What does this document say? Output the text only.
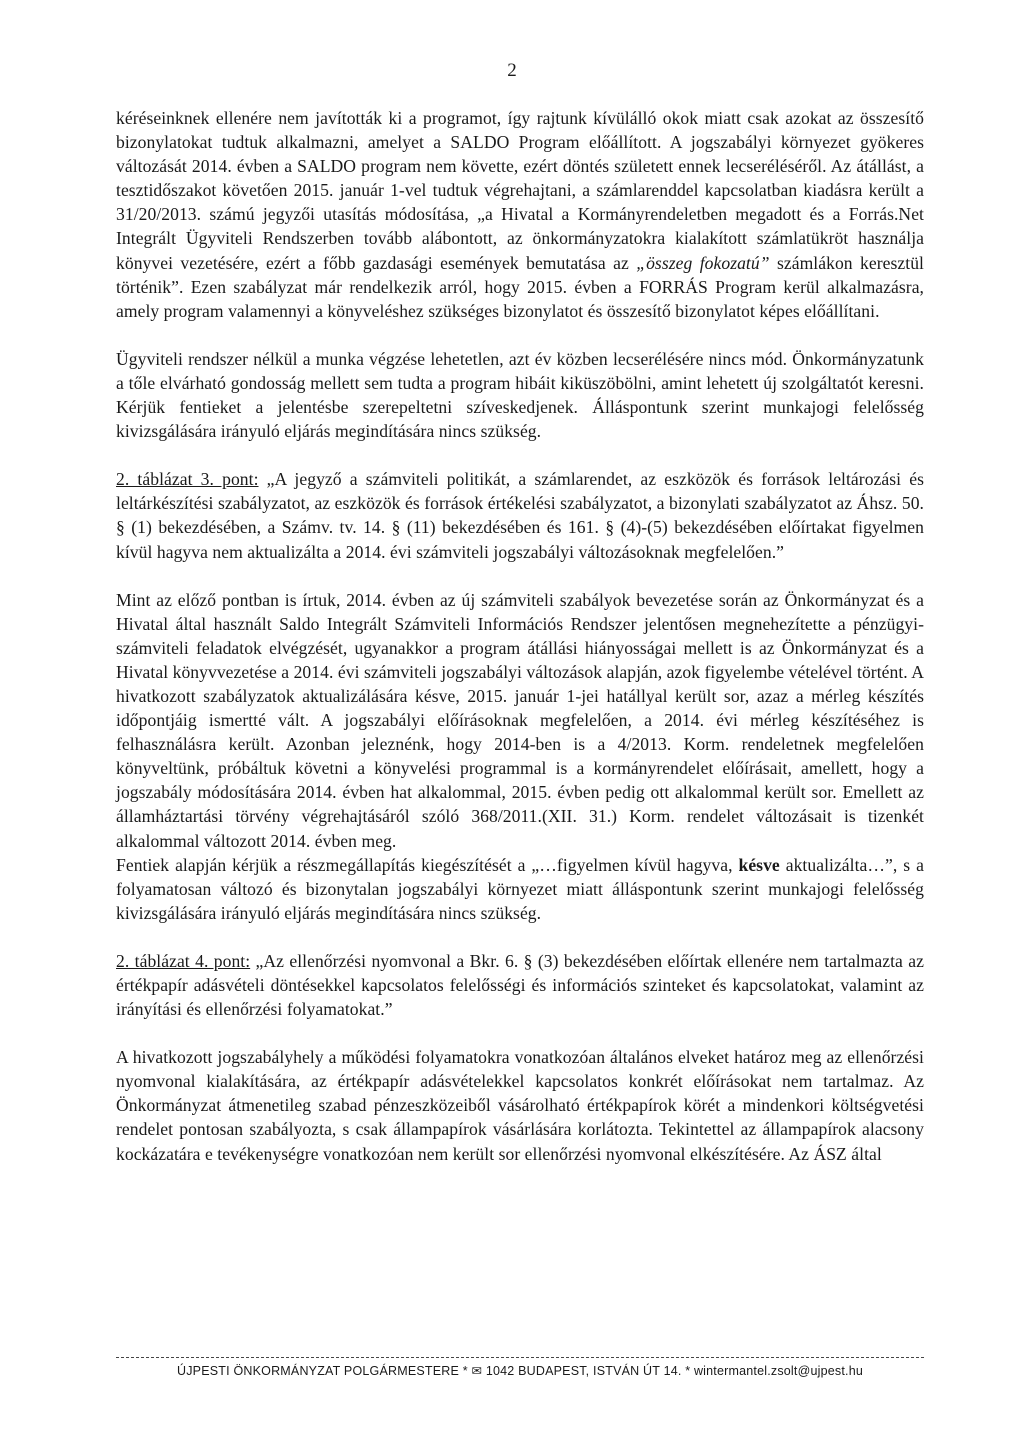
2

kéréseinknek ellenére nem javították ki a programot, így rajtunk kívülálló okok miatt csak azokat az összesítő bizonylatokat tudtuk alkalmazni, amelyet a SALDO Program előállított. A jogszabályi környezet gyökeres változását 2014. évben a SALDO program nem követte, ezért döntés született ennek lecseréléséről. Az átállást, a tesztidőszakot követően 2015. január 1-vel tudtuk végrehajtani, a számlarenddel kapcsolatban kiadásra került a 31/20/2013. számú jegyzői utasítás módosítása, „a Hivatal a Kormányrendeletben megadott és a Forrás.Net Integrált Ügyviteli Rendszerben tovább alábontott, az önkormányzatokra kialakított számlatükröt használja könyvei vezetésére, ezért a főbb gazdasági események bemutatása az „összeg fokozatú” számlákon keresztül történik”. Ezen szabályzat már rendelkezik arról, hogy 2015. évben a FORRÁS Program kerül alkalmazásra, amely program valamennyi a könyveléshez szükséges bizonylatot és összesítő bizonylatot képes előállítani.

Ügyviteli rendszer nélkül a munka végzése lehetetlen, azt év közben lecserélésére nincs mód. Önkormányzatunk a tőle elvárható gondosság mellett sem tudta a program hibáit kiküszöbölni, amint lehetett új szolgáltatót keresni. Kérjük fentieket a jelentésbe szerepeltetni szíveskedjenek. Álláspontunk szerint munkajogi felelősség kivizsgálására irányuló eljárás megindítására nincs szükség.

2. táblázat 3. pont: „A jegyző a számviteli politikát, a számlarendet, az eszközök és források leltározási és leltárkészítési szabályzatot, az eszközök és források értékelési szabályzatot, a bizonylati szabályzatot az Áhsz. 50. § (1) bekezdésében, a Számv. tv. 14. § (11) bekezdésében és 161. § (4)-(5) bekezdésében előírtakat figyelmen kívül hagyva nem aktualizálta a 2014. évi számviteli jogszabályi változásoknak megfelelően.”

Mint az előző pontban is írtuk, 2014. évben az új számviteli szabályok bevezetése során az Önkormányzat és a Hivatal által használt Saldo Integrált Számviteli Információs Rendszer jelentősen megnehezítette a pénzügyi-számviteli feladatok elvégzését, ugyanakkor a program átállási hiányosságai mellett is az Önkormányzat és a Hivatal könyvvezetése a 2014. évi számviteli jogszabályi változások alapján, azok figyelembe vételével történt. A hivatkozott szabályzatok aktualizálására késve, 2015. január 1-jei hatállyal került sor, azaz a mérleg készítés időpontjáig ismertté vált. A jogszabályi előírásoknak megfelelően, a 2014. évi mérleg készítéséhez is felhasználásra került. Azonban jeleznénk, hogy 2014-ben is a 4/2013. Korm. rendeletnek megfelelően könyveltünk, próbáltuk követni a könyvelési programmal is a kormányrendelet előírásait, amellett, hogy a jogszabály módosítására 2014. évben hat alkalommal, 2015. évben pedig ott alkalommal került sor. Emellett az államháztartási törvény végrehajtásáról szóló 368/2011.(XII. 31.) Korm. rendelet változásait is tizenkét alkalommal változott 2014. évben meg.

Fentiek alapján kérjük a részmegállapítás kiegészítését a „…figyelmen kívül hagyva, késve aktualizálta…”, s a folyamatosan változó és bizonytalan jogszabályi környezet miatt álláspontunk szerint munkajogi felelősség kivizsgálására irányuló eljárás megindítására nincs szükség.

2. táblázat 4. pont: „Az ellenőrzési nyomvonal a Bkr. 6. § (3) bekezdésében előírtak ellenére nem tartalmazta az értékpapír adásvételi döntésekkel kapcsolatos felelősségi és információs szinteket és kapcsolatokat, valamint az irányítási és ellenőrzési folyamatokat.”

A hivatkozott jogszabályhely a működési folyamatokra vonatkozóan általános elveket határoz meg az ellenőrzési nyomvonal kialakítására, az értékpapír adásvételekkel kapcsolatos konkrét előírásokat nem tartalmaz. Az Önkormányzat átmenetileg szabad pénzeszközeiből vásárolható értékpapírok körét a mindenkori költségvetési rendelet pontosan szabályozta, s csak állampapírok vásárlására korlátozta. Tekintettel az állampapírok alacsony kockázatára e tevékenységre vonatkozóan nem került sor ellenőrzési nyomvonal elkészítésére. Az ÁSZ által

ÚJPESTI ÖNKORMÁNYZAT POLGÁRMESTERE * ✉ 1042 BUDAPEST, ISTVÁN ÚT 14. * wintermantel.zsolt@ujpest.hu
